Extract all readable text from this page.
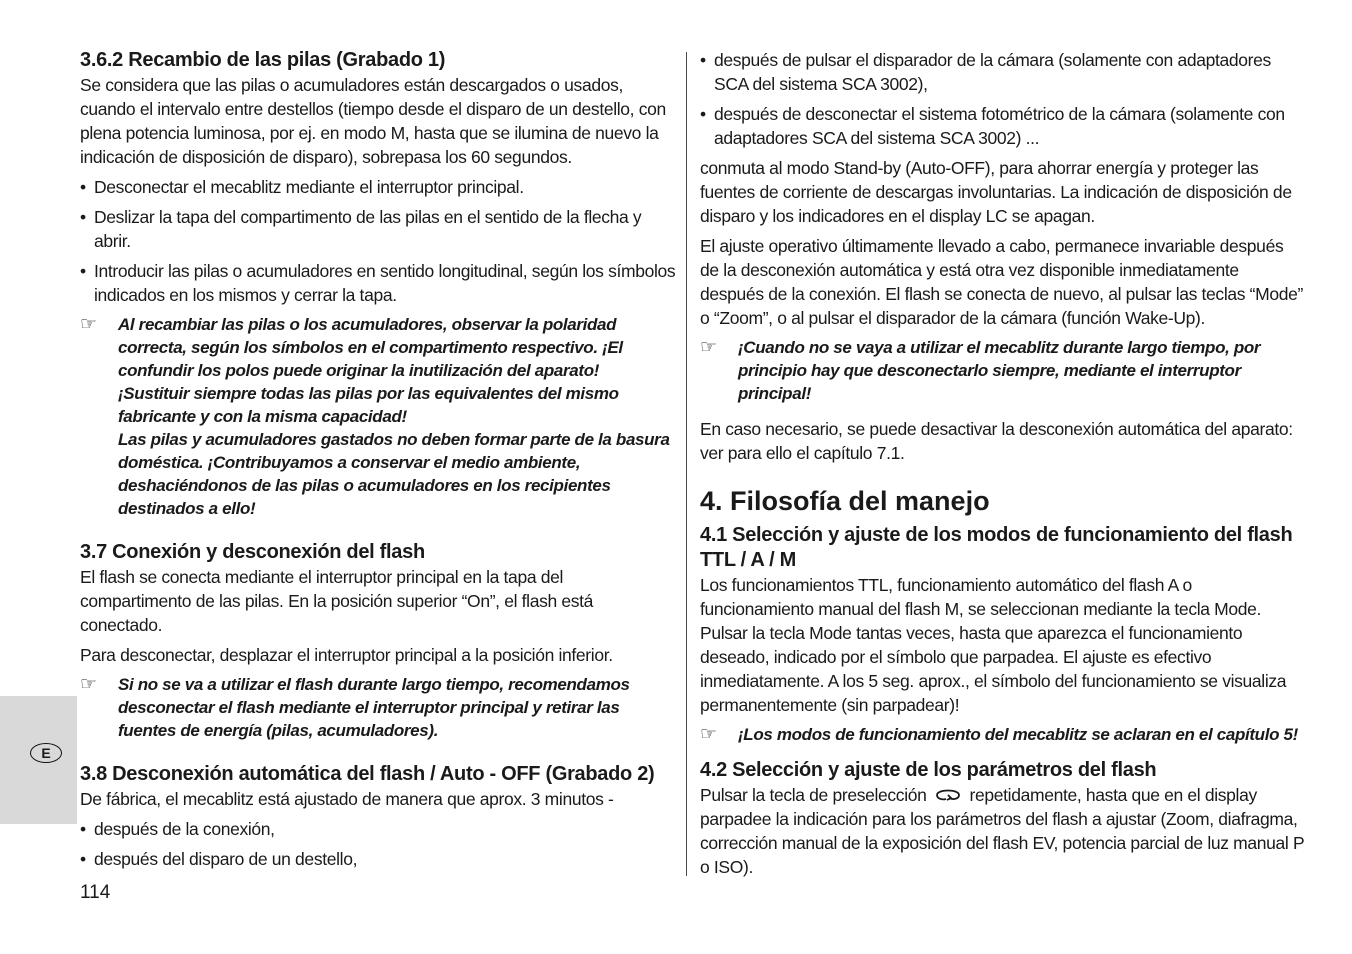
E
3.6.2 Recambio de las pilas (Grabado 1)

Se considera que las pilas o acumuladores están descargados o usados, cuando el intervalo entre destellos (tiempo desde el disparo de un destello, con plena potencia luminosa, por ej. en modo M, hasta que se ilumina de nuevo la indicación de disposición de disparo), sobrepasa los 60 segundos.

• Desconectar el mecablitz mediante el interruptor principal.
• Deslizar la tapa del compartimento de las pilas en el sentido de la flecha y abrir.
• Introducir las pilas o acumuladores en sentido longitudinal, según los símbolos indicados en los mismos y cerrar la tapa.
☞	Al recambiar las pilas o los acumuladores, observar la polaridad correcta, según los símbolos en el compartimento respectivo. ¡El confundir los polos puede originar la inutilización del aparato!

¡Sustituir siempre todas las pilas por las equivalentes del mismo fabricante y con la misma capacidad!

Las pilas y acumuladores gastados no deben formar parte de la basura doméstica. ¡Contribuyamos a conservar el medio ambiente, deshaciéndonos de las pilas o acumuladores en los recipientes destinados a ello!

3.7 Conexión y desconexión del flash

El flash se conecta mediante el interruptor principal en la tapa del compartimento de las pilas. En la posición superior “On”, el flash está conectado.

Para desconectar, desplazar el interruptor principal a la posición inferior.

☞	Si no se va a utilizar el flash durante largo tiempo, recomendamos desconectar el flash mediante el interruptor principal y retirar las fuentes de energía (pilas, acumuladores).

3.8 Desconexión automática del flash / Auto - OFF (Grabado 2)

De fábrica, el mecablitz está ajustado de manera que aprox. 3 minutos -

• después de la conexión,
• después del disparo de un destello,
• después de pulsar el disparador de la cámara (solamente con adaptadores SCA del sistema SCA 3002),
• después de desconectar el sistema fotométrico de la cámara (solamente con adaptadores SCA del sistema SCA 3002) ...

conmuta al modo Stand-by (Auto-OFF), para ahorrar energía y proteger las fuentes de corriente de descargas involuntarias. La indicación de disposición de disparo y los indicadores en el display LC se apagan.

El ajuste operativo últimamente llevado a cabo, permanece invariable después de la desconexión automática y está otra vez disponible inmediatamente después de la conexión. El flash se conecta de nuevo, al pulsar las teclas “Mode” o “Zoom”, o al pulsar el disparador de la cámara (función Wake-Up).

☞	¡Cuando no se vaya a utilizar el mecablitz durante largo tiempo, por principio hay que desconectarlo siempre, mediante el interruptor principal!

En caso necesario, se puede desactivar la desconexión automática del aparato: ver para ello el capítulo 7.1.

4. Filosofía del manejo
4.1 Selección y ajuste de los modos de funcionamiento del flash TTL / A / M

Los funcionamientos TTL, funcionamiento automático del flash A o funcionamiento manual del flash M, se seleccionan mediante la tecla Mode. Pulsar la tecla Mode tantas veces, hasta que aparezca el funcionamiento deseado, indicado por el símbolo que parpadea. El ajuste es efectivo inmediatamente. A los 5 seg. aprox., el símbolo del funcionamiento se visualiza permanentemente (sin parpadear)!

☞	¡Los modos de funcionamiento del mecablitz se aclaran en el capítulo 5!

4.2 Selección y ajuste de los parámetros del flash

Pulsar la tecla de preselección repetidamente, hasta que en el display parpadee la indicación para los parámetros del flash a ajustar (Zoom, diafragma, corrección manual de la exposición del flash EV, potencia parcial de luz manual P o ISO).

114
